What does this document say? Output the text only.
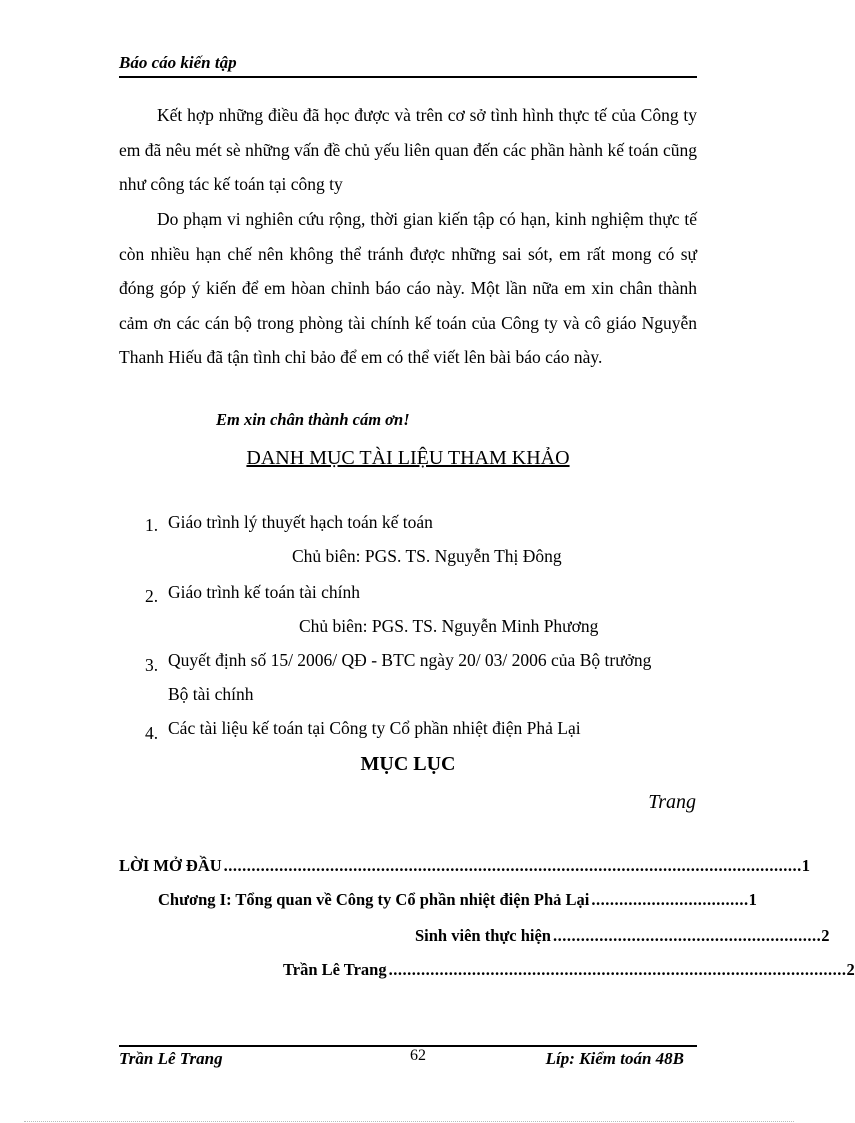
Báo cáo kiến tập
Kết hợp những điều đã học được và trên cơ sở tình hình thực tế của Công ty em đã nêu mét sè những vấn đề chủ yếu liên quan đến các phần hành kế toán cũng như công tác kế toán tại công ty
Do phạm vi nghiên cứu rộng, thời gian kiến tập có hạn, kinh nghiệm thực tế còn nhiều hạn chế nên không thể tránh được những sai sót, em rất mong có sự đóng góp ý kiến để em hòan chỉnh báo cáo này. Một lần nữa em xin chân thành cảm ơn các cán bộ trong phòng tài chính kế toán của Công ty và cô giáo Nguyễn Thanh Hiếu đã tận tình chỉ bảo để em có thể viết lên bài báo cáo này.
Em xin chân thành cám ơn!
DANH MỤC TÀI LIỆU THAM KHẢO
1. Giáo trình lý thuyết hạch toán kế toán
Chủ biên: PGS. TS. Nguyễn Thị Đông
2. Giáo trình kế toán tài chính
Chủ biên: PGS. TS. Nguyễn Minh Phương
3. Quyết định số 15/ 2006/ QĐ - BTC ngày 20/ 03/ 2006 của Bộ trưởng
Bộ tài chính
4. Các tài liệu kế toán tại Công ty Cổ phần nhiệt điện Phả Lại
MỤC LỤC
Trang
LỜI MỞ ĐẦU ............................................................................................................................. 1
Chương I: Tổng quan về Công ty Cổ phần nhiệt điện Phả Lại .................................. 1
Sinh viên thực hiện .......................................................... 2
Trần Lê Trang ................................................................................................... 2
Trần Lê Trang	62	Líp: Kiểm toán 48B
